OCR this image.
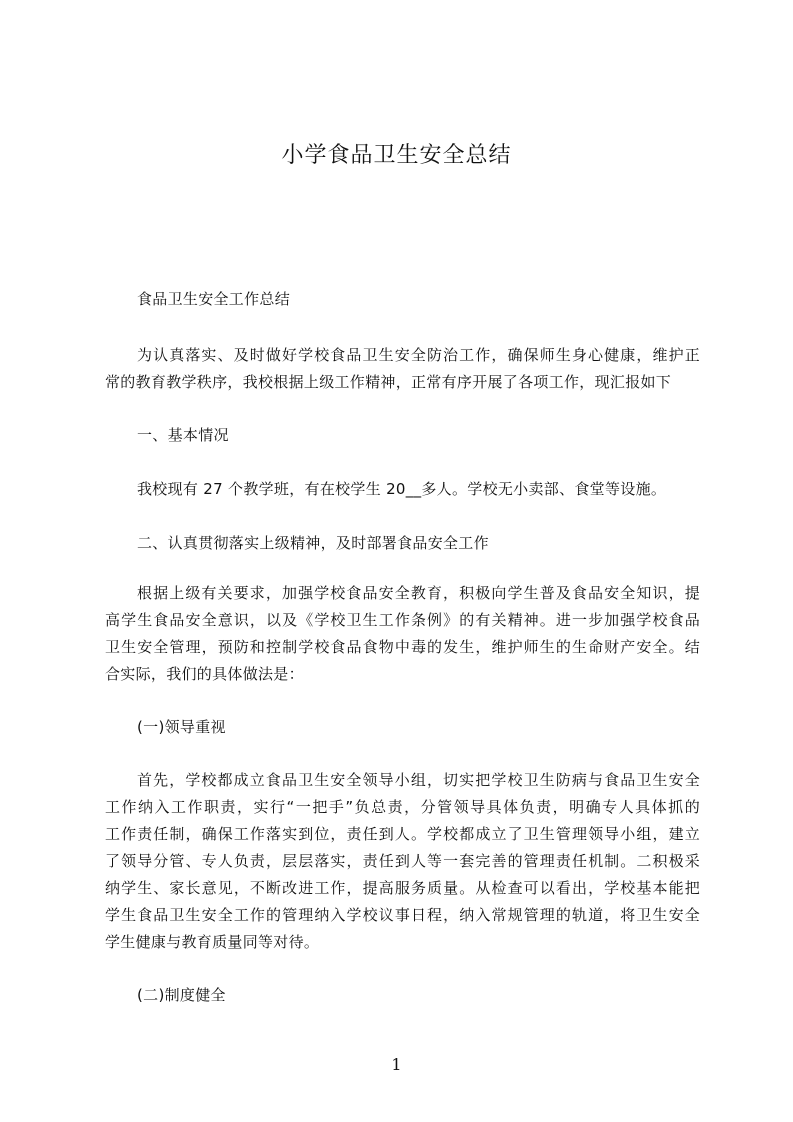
小学食品卫生安全总结
食品卫生安全工作总结
为认真落实、及时做好学校食品卫生安全防治工作，确保师生身心健康，维护正
常的教育教学秩序，我校根据上级工作精神，正常有序开展了各项工作，现汇报如下
一、基本情况
我校现有 27 个教学班，有在校学生 20__多人。学校无小卖部、食堂等设施。
二、认真贯彻落实上级精神，及时部署食品安全工作
根据上级有关要求，加强学校食品安全教育，积极向学生普及食品安全知识，提
高学生食品安全意识，以及《学校卫生工作条例》的有关精神。进一步加强学校食品
卫生安全管理，预防和控制学校食品食物中毒的发生，维护师生的生命财产安全。结
合实际，我们的具体做法是：
(一)领导重视
首先，学校都成立食品卫生安全领导小组，切实把学校卫生防病与食品卫生安全
工作纳入工作职责，实行“一把手”负总责，分管领导具体负责，明确专人具体抓的
工作责任制，确保工作落实到位，责任到人。学校都成立了卫生管理领导小组，建立
了领导分管、专人负责，层层落实，责任到人等一套完善的管理责任机制。二积极采
纳学生、家长意见，不断改进工作，提高服务质量。从检查可以看出，学校基本能把
学生食品卫生安全工作的管理纳入学校议事日程，纳入常规管理的轨道，将卫生安全
学生健康与教育质量同等对待。
(二)制度健全
1
